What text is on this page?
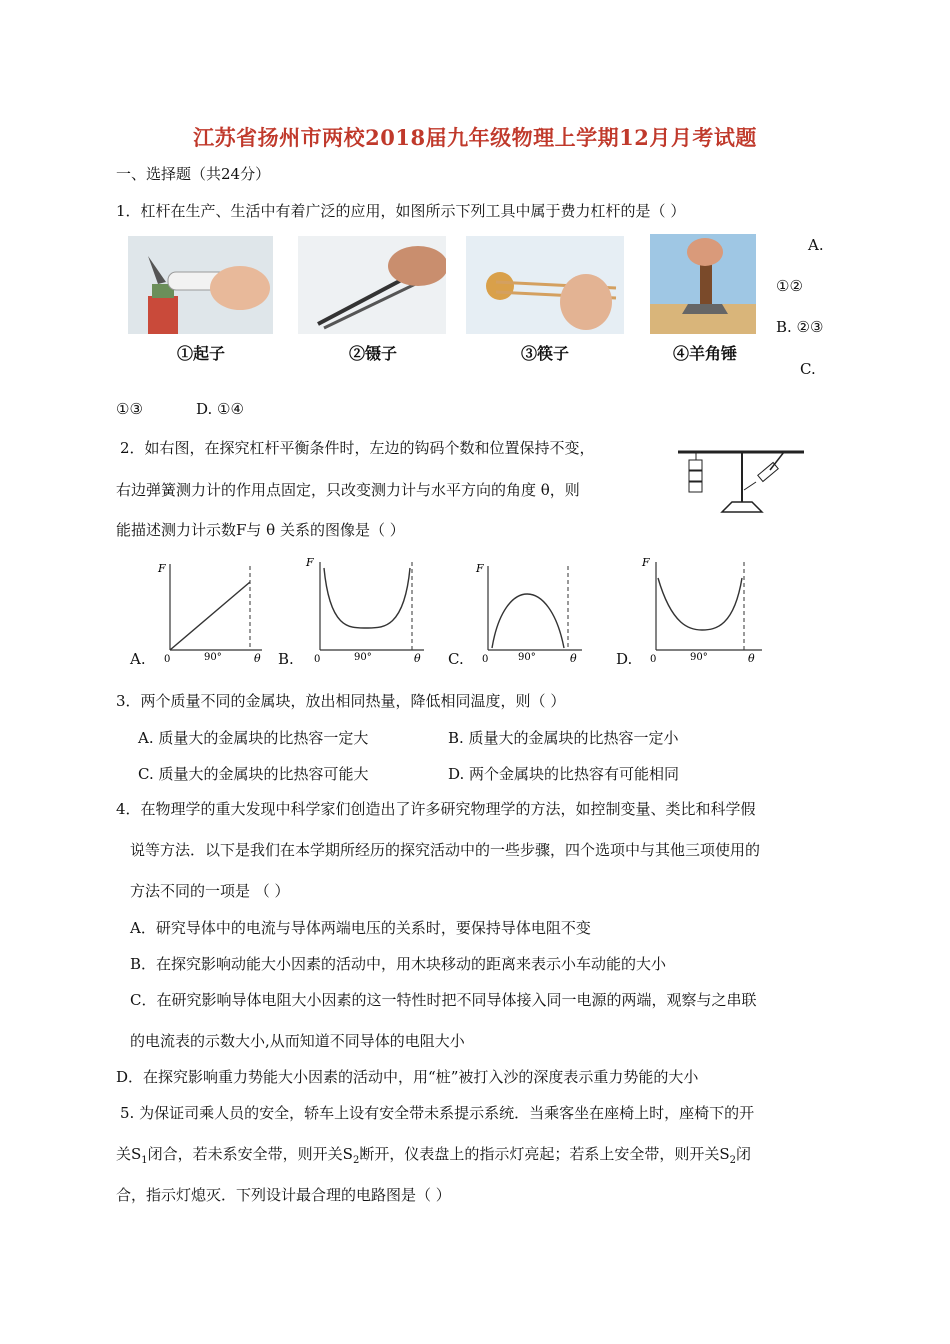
江苏省扬州市两校2018届九年级物理上学期12月月考试题
一、选择题（共24分）
1．杠杆在生产、生活中有着广泛的应用，如图所示下列工具中属于费力杠杆的是（ ）
①起子	②镊子	③筷子	④羊角锤
A.
①②
B. ②③
C.
①③	D. ①④
2．如右图，在探究杠杆平衡条件时，左边的钩码个数和位置保持不变，
右边弹簧测力计的作用点固定，只改变测力计与水平方向的角度 θ，则
能描述测力计示数F与 θ 关系的图像是（ ）
F
0	90°	θ
A.
F
0	90°	θ
B.
F
0	90°	θ
C.
F
0	90°	θ
D.
3．两个质量不同的金属块，放出相同热量，降低相同温度，则（ ）
A. 质量大的金属块的比热容一定大	B. 质量大的金属块的比热容一定小
C. 质量大的金属块的比热容可能大	D. 两个金属块的比热容有可能相同
4．在物理学的重大发现中科学家们创造出了许多研究物理学的方法，如控制变量、类比和科学假
说等方法．以下是我们在本学期所经历的探究活动中的一些步骤，四个选项中与其他三项使用的
方法不同的一项是 （ ）
A．研究导体中的电流与导体两端电压的关系时，要保持导体电阻不变
B．在探究影响动能大小因素的活动中，用木块移动的距离来表示小车动能的大小
C．在研究影响导体电阻大小因素的这一特性时把不同导体接入同一电源的两端，观察与之串联
的电流表的示数大小,从而知道不同导体的电阻大小
D．在探究影响重力势能大小因素的活动中，用“桩”被打入沙的深度表示重力势能的大小
5. 为保证司乘人员的安全，轿车上设有安全带未系提示系统．当乘客坐在座椅上时，座椅下的开
关$S_1$闭合，若未系安全带，则开关$S_2$断开，仪表盘上的指示灯亮起；若系上安全带，则开关$S_2$闭
合，指示灯熄灭．下列设计最合理的电路图是（ ）
